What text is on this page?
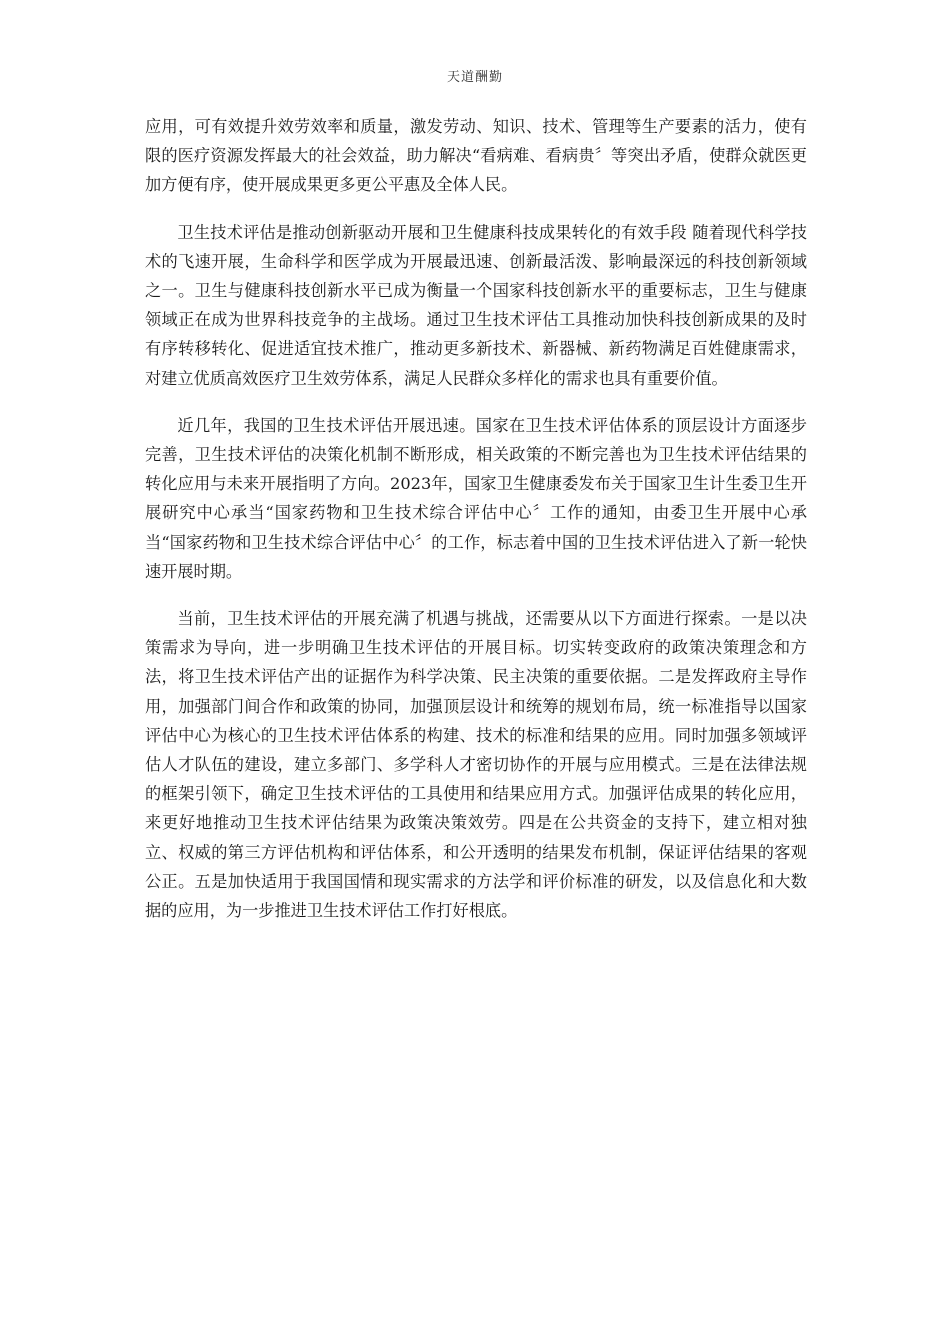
天道酬勤

应用，可有效提升效劳效率和质量，激发劳动、知识、技术、管理等生产要素的活力，使有限的医疗资源发挥最大的社会效益，助力解决“看病难、看病贵〞等突出矛盾，使群众就医更加方便有序，使开展成果更多更公平惠及全体人民。

卫生技术评估是推动创新驱动开展和卫生健康科技成果转化的有效手段 随着现代科学技术的飞速开展，生命科学和医学成为开展最迅速、创新最活泼、影响最深远的科技创新领域之一。卫生与健康科技创新水平已成为衡量一个国家科技创新水平的重要标志，卫生与健康领域正在成为世界科技竞争的主战场。通过卫生技术评估工具推动加快科技创新成果的及时有序转移转化、促进适宜技术推广，推动更多新技术、新器械、新药物满足百姓健康需求，对建立优质高效医疗卫生效劳体系，满足人民群众多样化的需求也具有重要价值。

近几年，我国的卫生技术评估开展迅速。国家在卫生技术评估体系的顶层设计方面逐步完善，卫生技术评估的决策化机制不断形成，相关政策的不断完善也为卫生技术评估结果的转化应用与未来开展指明了方向。2023年，国家卫生健康委发布关于国家卫生计生委卫生开展研究中心承当“国家药物和卫生技术综合评估中心〞工作的通知，由委卫生开展中心承当“国家药物和卫生技术综合评估中心〞的工作，标志着中国的卫生技术评估进入了新一轮快速开展时期。

当前，卫生技术评估的开展充满了机遇与挑战，还需要从以下方面进行探索。一是以决策需求为导向，进一步明确卫生技术评估的开展目标。切实转变政府的政策决策理念和方法，将卫生技术评估产出的证据作为科学决策、民主决策的重要依据。二是发挥政府主导作用，加强部门间合作和政策的协同，加强顶层设计和统筹的规划布局，统一标准指导以国家评估中心为核心的卫生技术评估体系的构建、技术的标准和结果的应用。同时加强多领域评估人才队伍的建设，建立多部门、多学科人才密切协作的开展与应用模式。三是在法律法规的框架引领下，确定卫生技术评估的工具使用和结果应用方式。加强评估成果的转化应用，来更好地推动卫生技术评估结果为政策决策效劳。四是在公共资金的支持下，建立相对独立、权威的第三方评估机构和评估体系，和公开透明的结果发布机制，保证评估结果的客观公正。五是加快适用于我国国情和现实需求的方法学和评价标准的研发，以及信息化和大数据的应用，为一步推进卫生技术评估工作打好根底。
